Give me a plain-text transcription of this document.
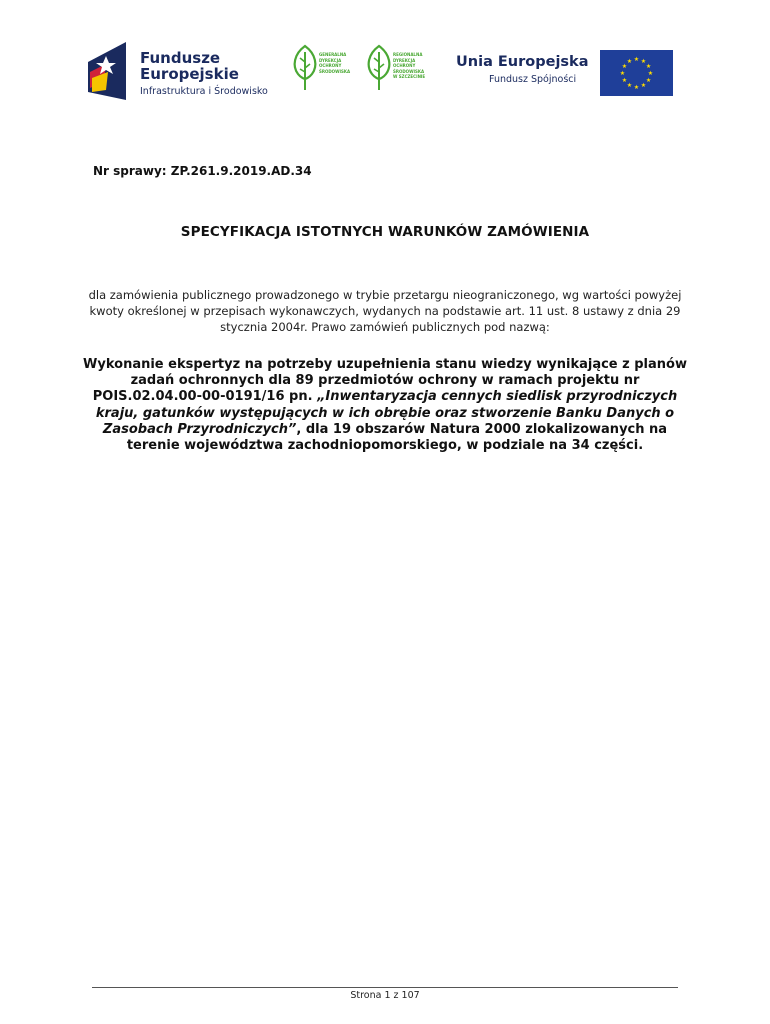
Fundusze
Europejskie
Infrastruktura i Środowisko
GENERALNA
DYREKCJA
OCHRONY
ŚRODOWISKA
REGIONALNA
DYREKCJA
OCHRONY
ŚRODOWISKA
W SZCZECINIE
Unia Europejska
Fundusz Spójności
★ ★
★
★
★
★
★
★
★
★
★
★
Nr sprawy: ZP.261.9.2019.AD.34
SPECYFIKACJA ISTOTNYCH WARUNKÓW ZAMÓWIENIA
dla zamówienia publicznego prowadzonego w trybie przetargu nieograniczonego, wg wartości powyżej kwoty określonej w przepisach wykonawczych, wydanych na podstawie art. 11 ust. 8 ustawy z dnia 29 stycznia 2004r. Prawo zamówień publicznych pod nazwą:
Wykonanie ekspertyz na potrzeby uzupełnienia stanu wiedzy wynikające z planów zadań ochronnych dla 89 przedmiotów ochrony w ramach projektu nr POIS.02.04.00-00-0191/16 pn. „Inwentaryzacja cennych siedlisk przyrodniczych kraju, gatunków występujących w ich obrębie oraz stworzenie Banku Danych o Zasobach Przyrodniczych”, dla 19 obszarów Natura 2000 zlokalizowanych na terenie województwa zachodniopomorskiego, w podziale na 34 części.
Strona 1 z 107
